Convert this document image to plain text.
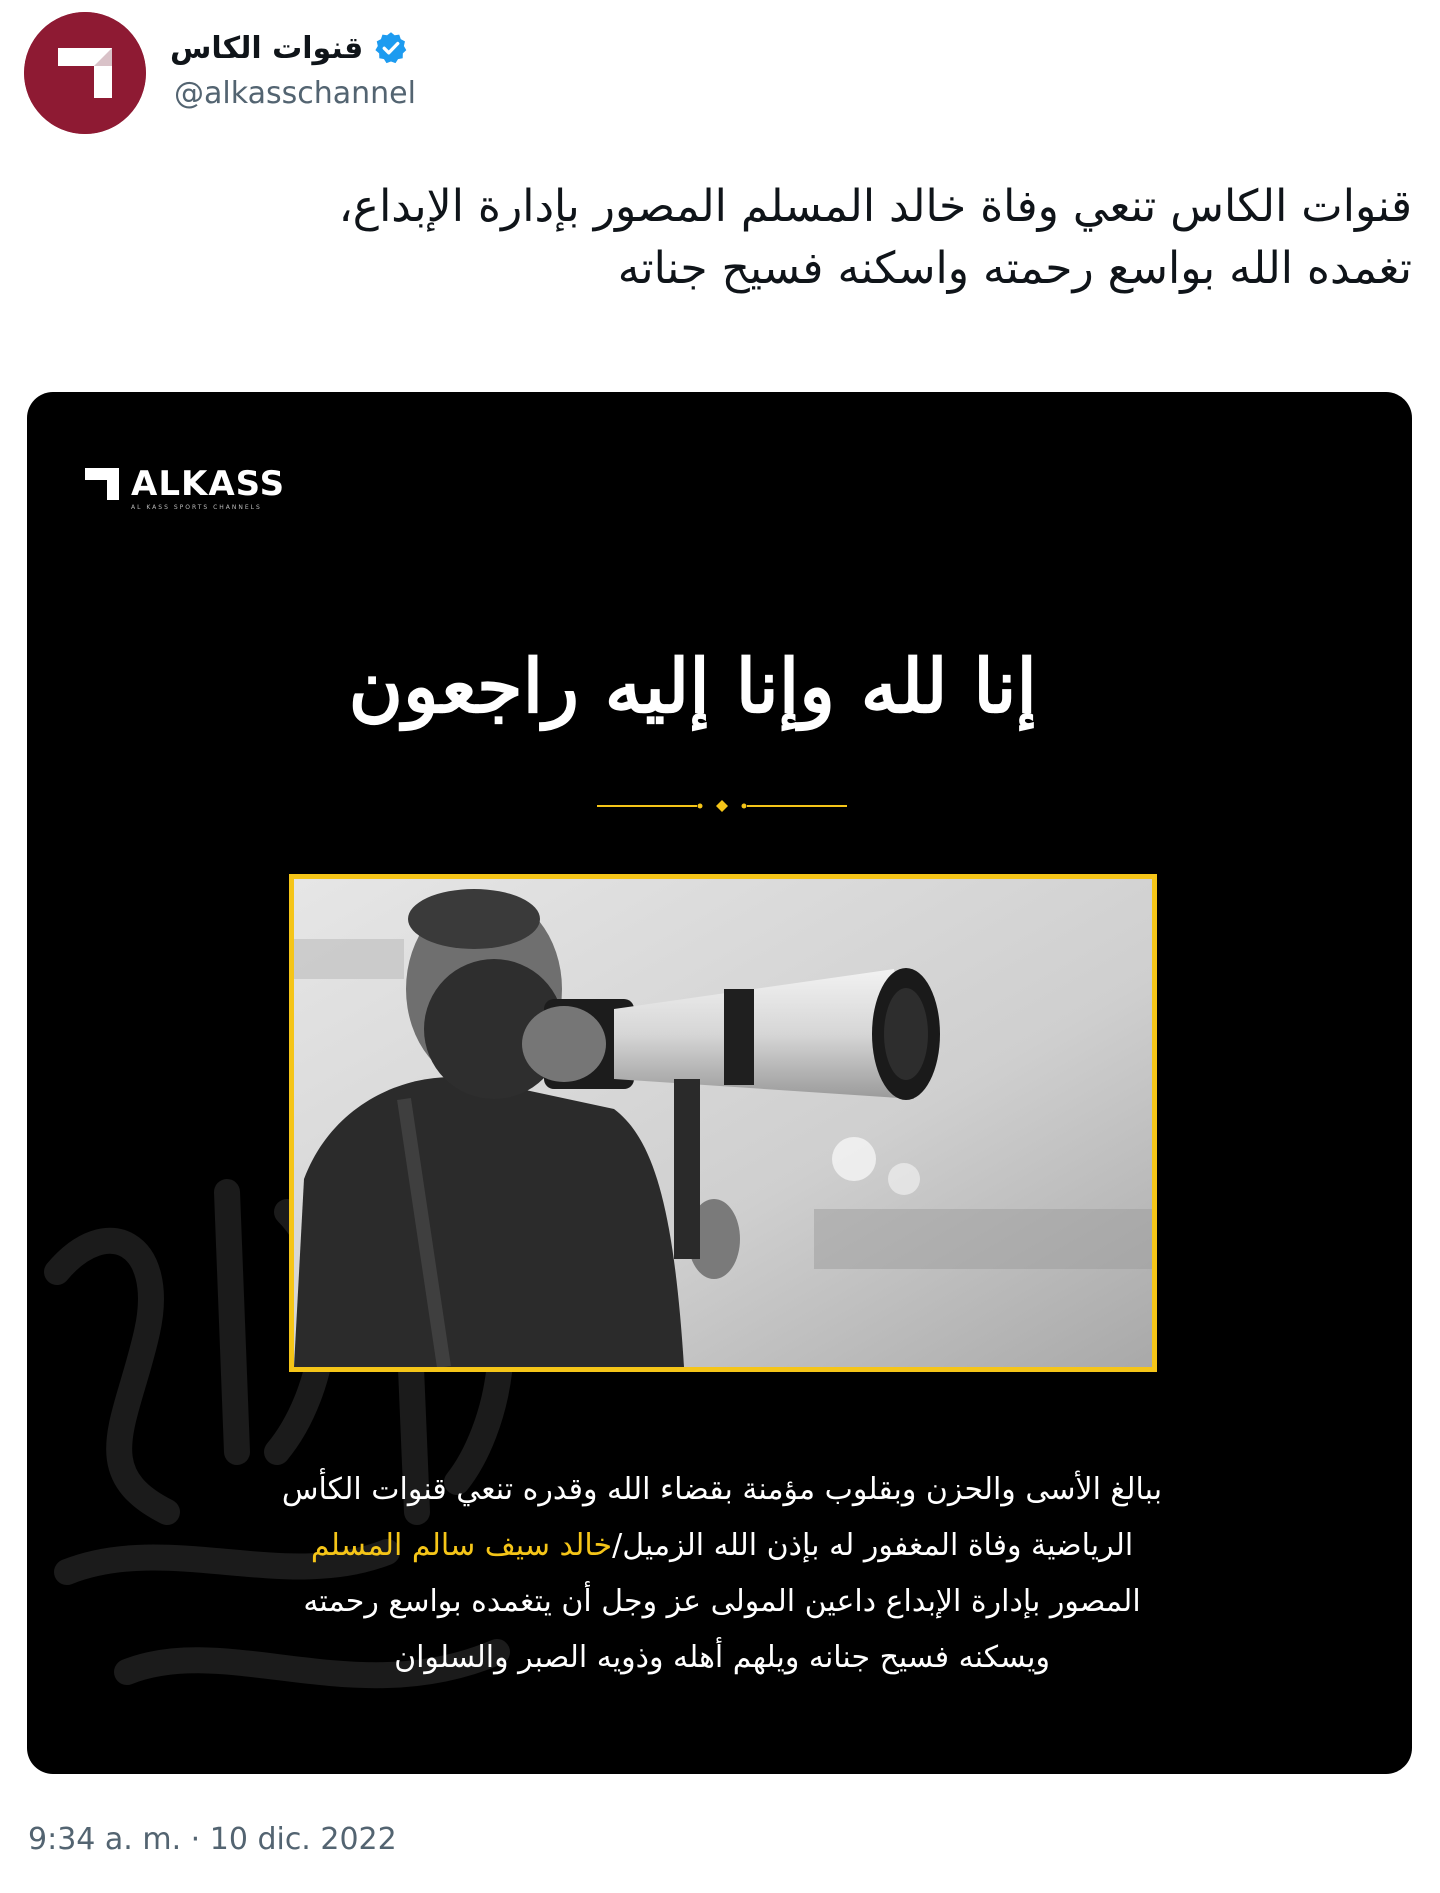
قنوات الكاس
@alkasschannel
قنوات الكاس تنعي وفاة خالد المسلم المصور بإدارة الإبداع،
تغمده الله بواسع رحمته واسكنه فسيح جناته
ALKASS
AL KASS SPORTS CHANNELS
إنا لله وإنا إليه راجعون
ببالغ الأسى والحزن وبقلوب مؤمنة بقضاء الله وقدره تنعي قنوات الكأس
الرياضية وفاة المغفور له بإذن الله الزميل/خالد سيف سالم المسلم
المصور بإدارة الإبداع داعين المولى عز وجل أن يتغمده بواسع رحمته
ويسكنه فسيح جنانه ويلهم أهله وذويه الصبر والسلوان
9:34 a. m. · 10 dic. 2022
